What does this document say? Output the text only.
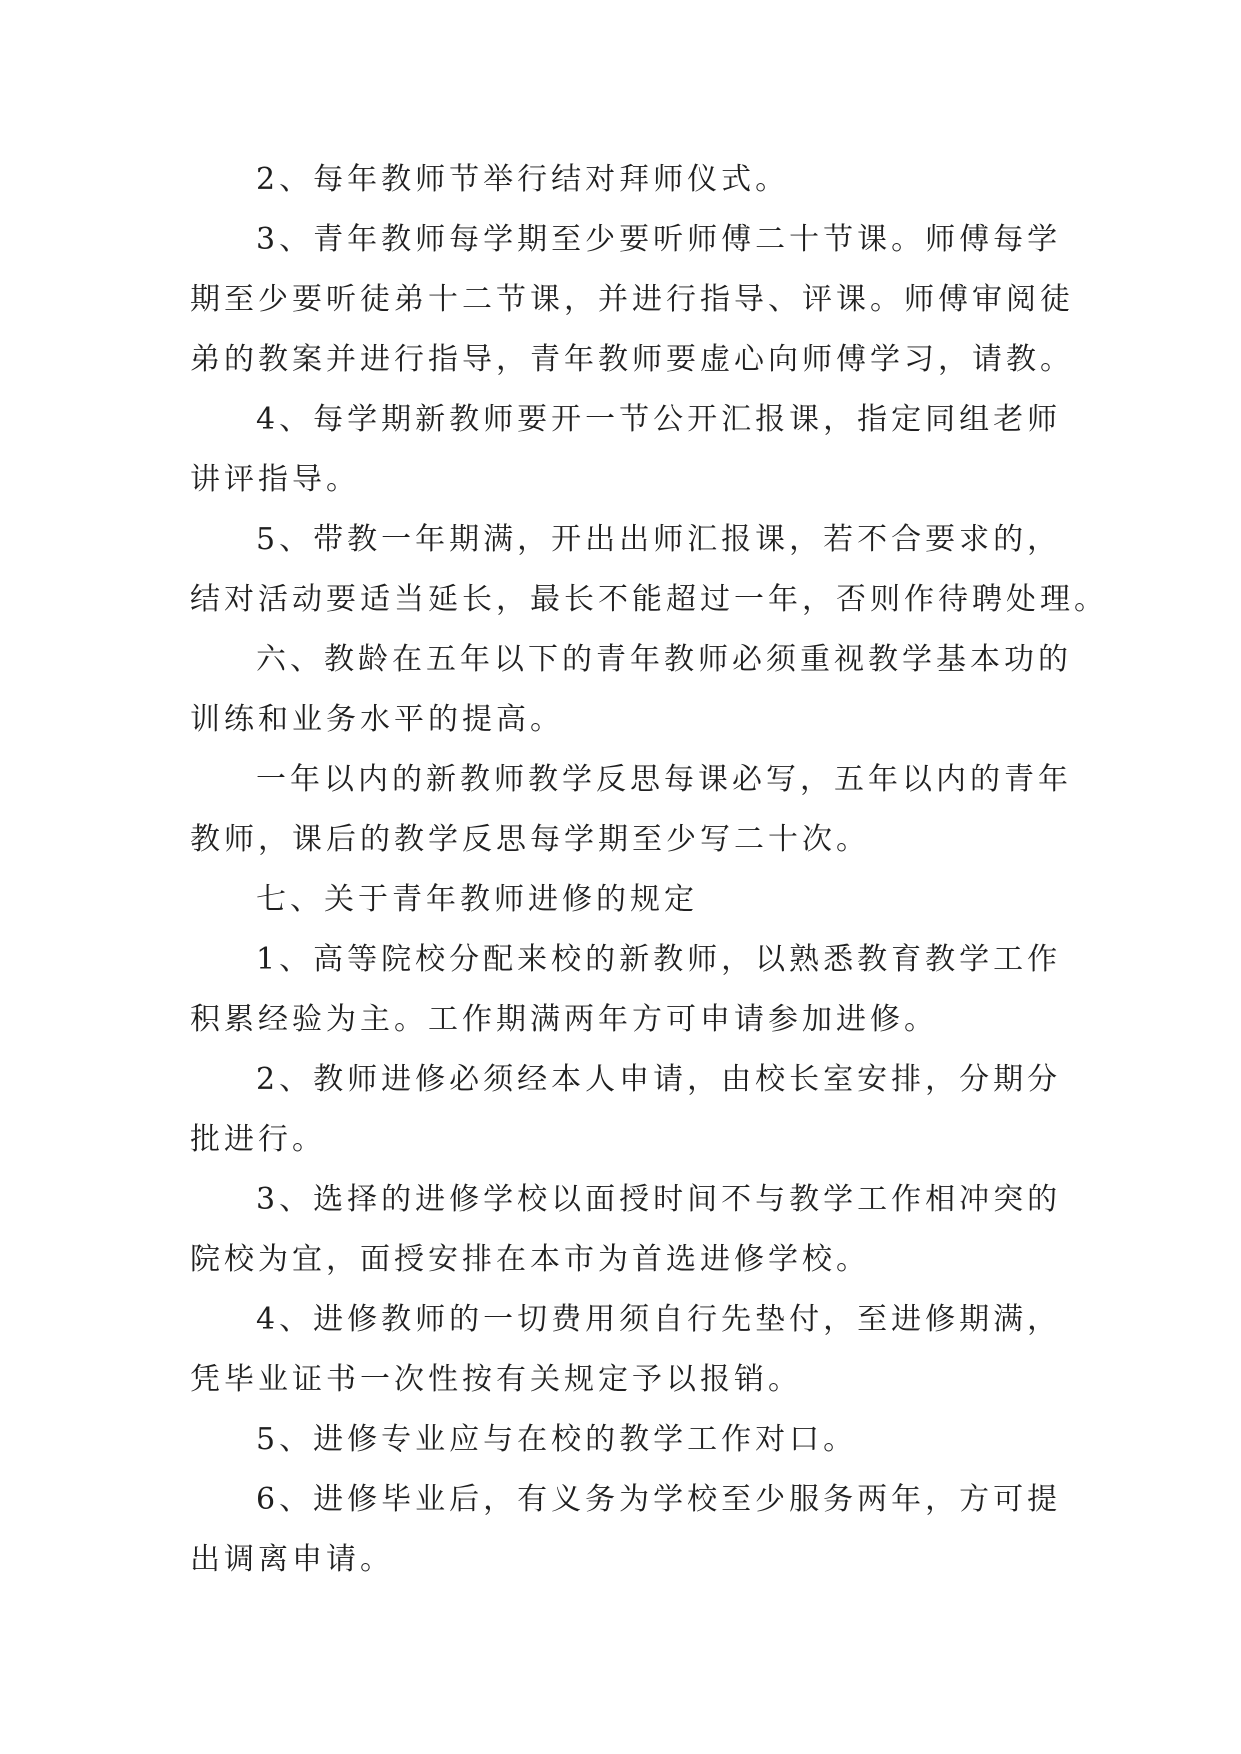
2、每年教师节举行结对拜师仪式。
3、青年教师每学期至少要听师傅二十节课。师傅每学
期至少要听徒弟十二节课，并进行指导、评课。师傅审阅徒
弟的教案并进行指导，青年教师要虚心向师傅学习，请教。
4、每学期新教师要开一节公开汇报课，指定同组老师
讲评指导。
5、带教一年期满，开出出师汇报课，若不合要求的，
结对活动要适当延长，最长不能超过一年，否则作待聘处理。
六、教龄在五年以下的青年教师必须重视教学基本功的
训练和业务水平的提高。
一年以内的新教师教学反思每课必写，五年以内的青年
教师，课后的教学反思每学期至少写二十次。
七、关于青年教师进修的规定
1、高等院校分配来校的新教师，以熟悉教育教学工作
积累经验为主。工作期满两年方可申请参加进修。
2、教师进修必须经本人申请，由校长室安排，分期分
批进行。
3、选择的进修学校以面授时间不与教学工作相冲突的
院校为宜，面授安排在本市为首选进修学校。
4、进修教师的一切费用须自行先垫付，至进修期满，
凭毕业证书一次性按有关规定予以报销。
5、进修专业应与在校的教学工作对口。
6、进修毕业后，有义务为学校至少服务两年，方可提
出调离申请。
